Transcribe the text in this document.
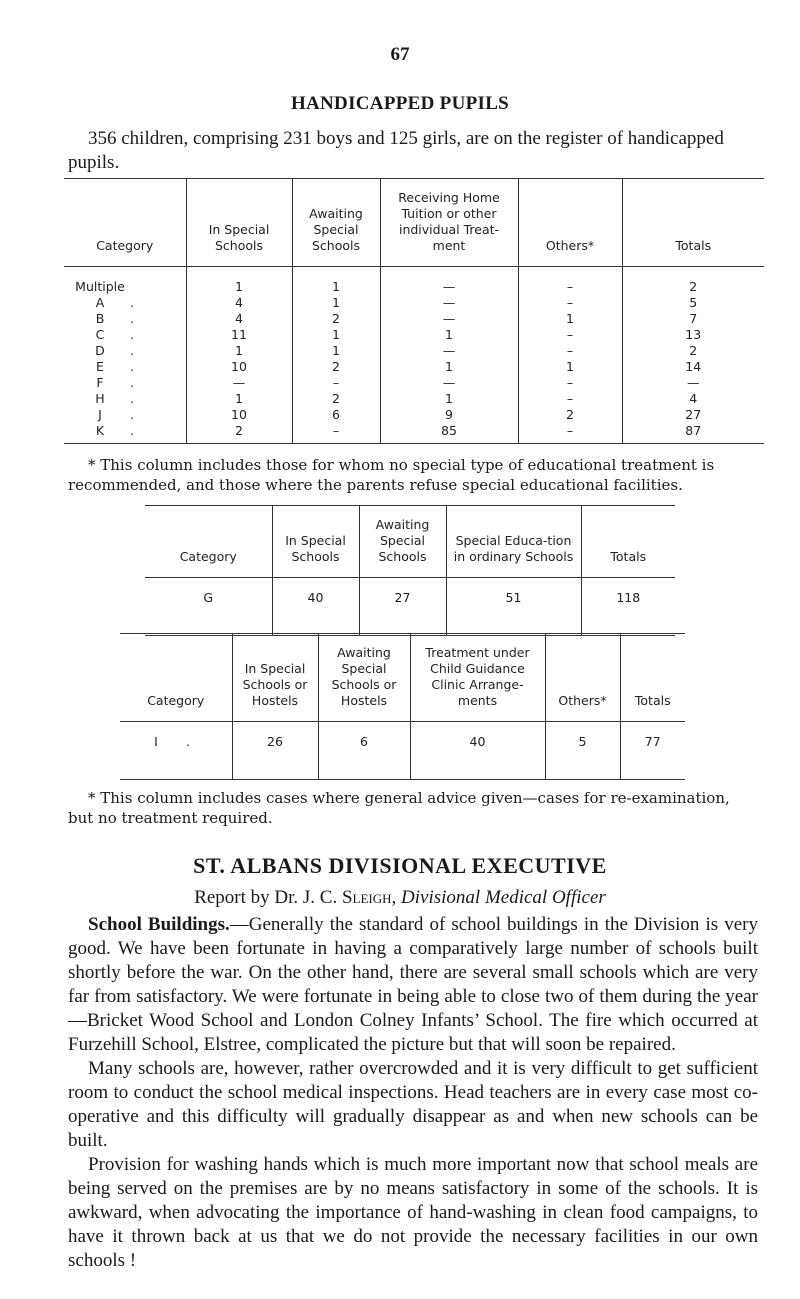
67
HANDICAPPED PUPILS
356 children, comprising 231 boys and 125 girls, are on the register of handicapped pupils.
Category	In Special Schools	Awaiting Special Schools	Receiving Home Tuition or other individual Treat-ment	Others*	Totals
Multiple	1	1	—	–	2
A .	4	1	—	–	5
B .	4	2	—	1	7
C .	11	1	1	–	13
D .	1	1	—	–	2
E .	10	2	1	1	14
F .	—	–	—	–	—
H .	1	2	1	–	4
J .	10	6	9	2	27
K .	2	–	85	–	87
* This column includes those for whom no special type of educational treatment is recommended, and those where the parents refuse special educational facilities.
Category	In Special Schools	Awaiting Special Schools	Special Educa-tion in ordinary Schools	Totals
G	40	27	51	118
Category	In Special Schools or Hostels	Awaiting Special Schools or Hostels	Treatment under Child Guidance Clinic Arrange-ments	Others*	Totals
I .	26	6	40	5	77
* This column includes cases where general advice given—cases for re-examination, but no treatment required.
ST. ALBANS DIVISIONAL EXECUTIVE
Report by Dr. J. C. Sleigh, Divisional Medical Officer

School Buildings.—Generally the standard of school buildings in the Division is very good. We have been fortunate in having a comparatively large number of schools built shortly before the war. On the other hand, there are several small schools which are very far from satisfactory. We were fortunate in being able to close two of them during the year—Bricket Wood School and London Colney Infants’ School. The fire which occurred at Furzehill School, Elstree, complicated the picture but that will soon be repaired.

Many schools are, however, rather overcrowded and it is very difficult to get sufficient room to conduct the school medical inspections. Head teachers are in every case most co-operative and this difficulty will gradually disappear as and when new schools can be built.

Provision for washing hands which is much more important now that school meals are being served on the premises are by no means satisfactory in some of the schools. It is awkward, when advocating the importance of hand-washing in clean food campaigns, to have it thrown back at us that we do not provide the necessary facilities in our own schools !
